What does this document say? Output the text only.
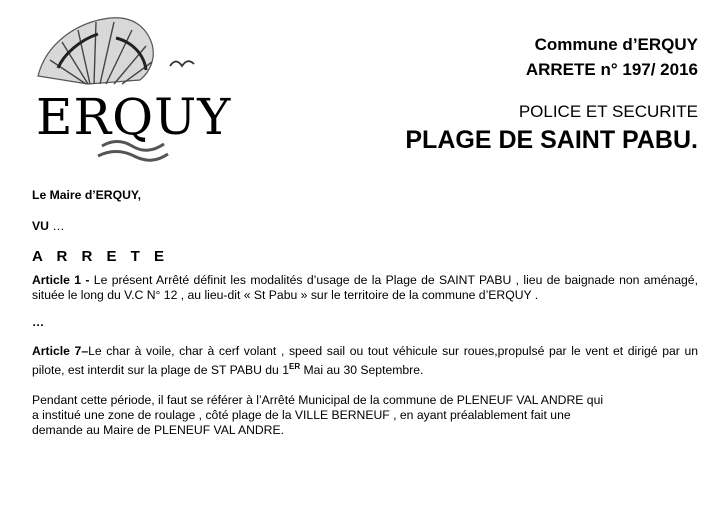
ERQUY
Commune d’ERQUY
ARRETE n° 197/ 2016
POLICE ET SECURITE
PLAGE DE SAINT PABU.
Le Maire d’ERQUY,
VU …
A R R E T E
Article 1 - Le présent Arrêté définit les modalités d’usage de la Plage de SAINT PABU , lieu de baignade non aménagé, située le long du V.C N° 12 , au lieu-dit « St Pabu » sur le territoire de la commune d’ERQUY .
…
Article 7–Le char à voile, char à cerf volant , speed sail ou tout véhicule sur roues,propulsé par le vent et dirigé par un pilote, est interdit sur la plage de ST PABU du 1ER Mai au 30 Septembre.
Pendant cette période, il faut se référer à l’Arrêté Municipal de la commune de PLENEUF VAL ANDRE qui
a institué une zone de roulage , côté plage de la VILLE BERNEUF , en ayant préalablement fait une
demande au Maire de PLENEUF VAL ANDRE.
